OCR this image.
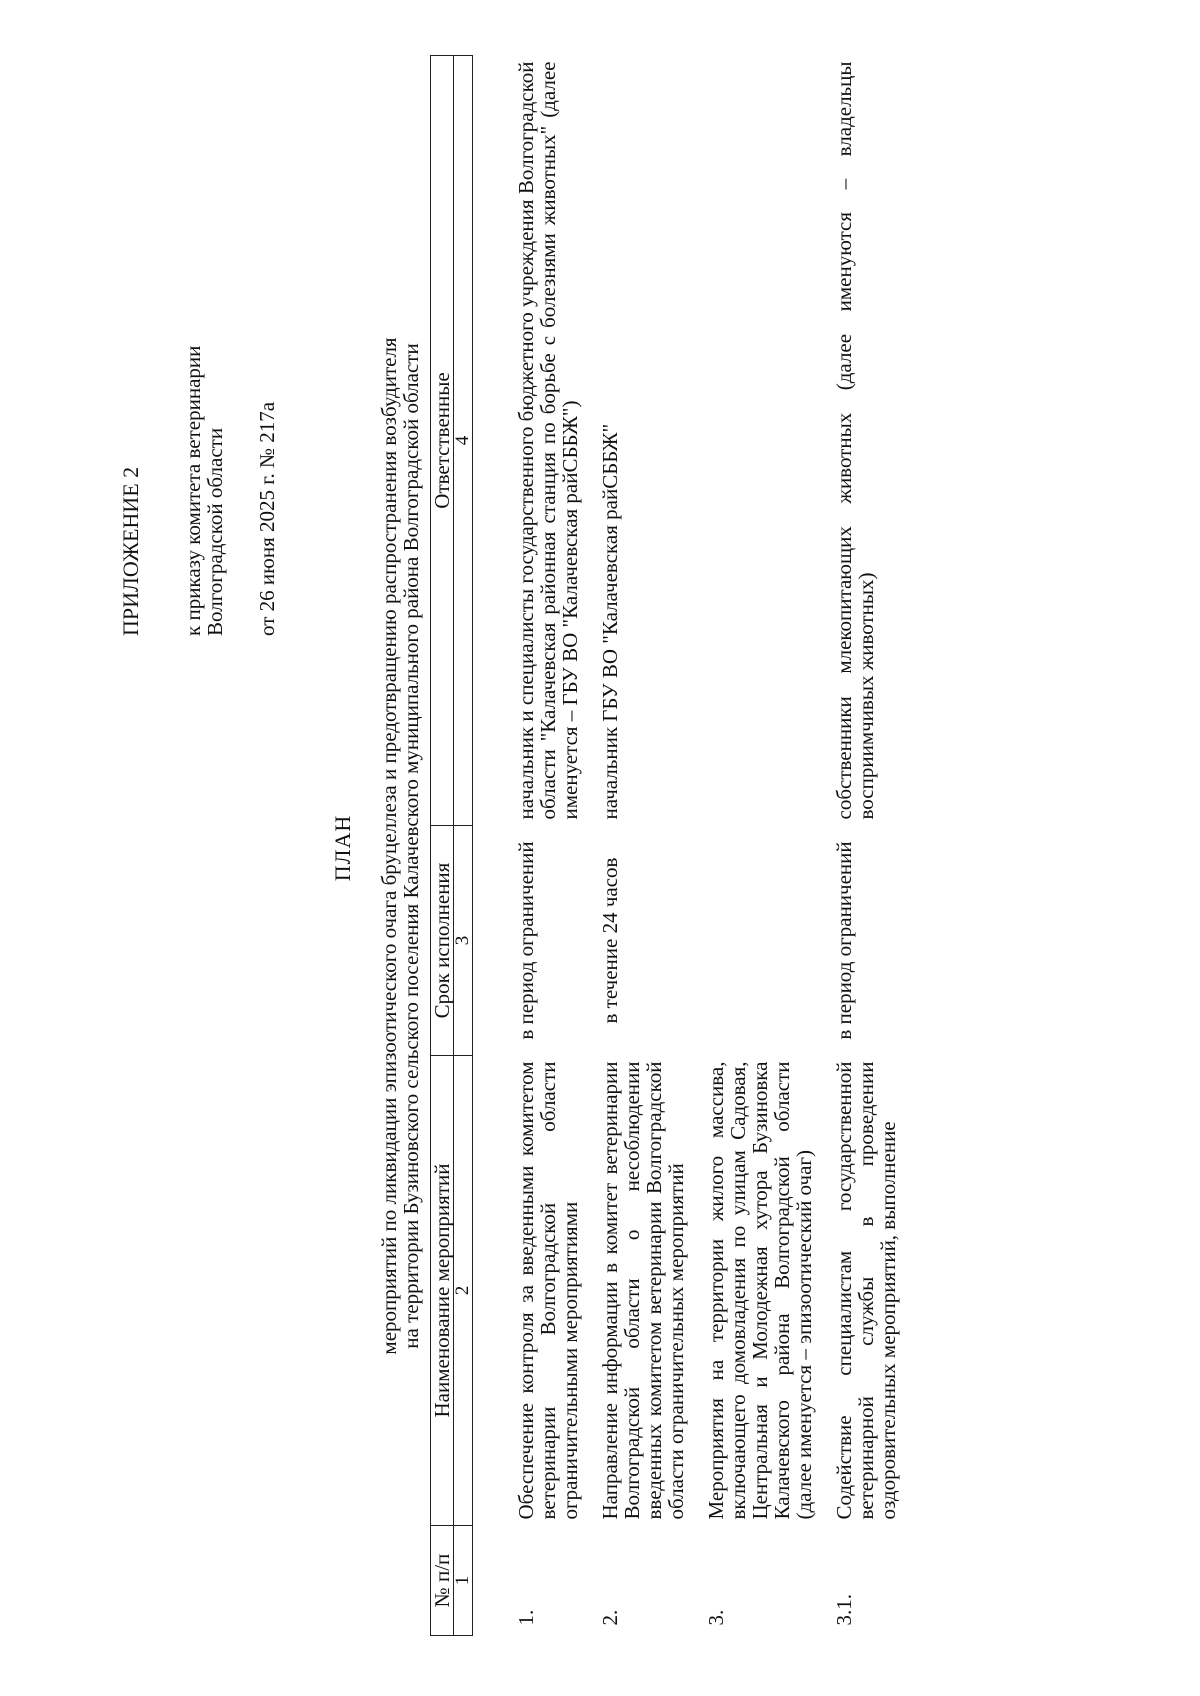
ПРИЛОЖЕНИЕ 2 к приказу комитета ветеринарии
Волгоградской области от 26 июня 2025 г. № 217а
ПЛАН мероприятий по ликвидации эпизоотического очага бруцеллеза и предотвращению распространения возбудителя
на территории Бузиновского сельского поселения Калачевского муниципального района Волгоградской области
№ п/п	Наименование мероприятий	Срок исполнения	Ответственные
1	2	3	4

1.	Обеспечение контроля за введенными комитетом ветеринарии Волгоградской области ограничительными мероприятиями	в период ограничений	начальник и специалисты государственного бюджетного учреждения Волгоградской области "Калачевская районная станция по борьбе с болезнями животных" (далее именуется – ГБУ ВО "Калачевская райСББЖ")
2.	Направление информации в комитет ветеринарии Волгоградской области о несоблюдении введенных комитетом ветеринарии Волгоградской области ограничительных мероприятий	в течение 24 часов	начальник ГБУ ВО "Калачевская райСББЖ"
3.	Мероприятия на территории жилого массива, включающего домовладения по улицам Садовая, Центральная и Молодежная хутора Бузиновка Калачевского района Волгоградской области (далее именуется – эпизоотический очаг)		
3.1.	Содействие специалистам государственной ветеринарной службы в проведении оздоровительных мероприятий, выполнение	в период ограничений	собственники млекопитающих животных (далее именуются – владельцы восприимчивых животных)
